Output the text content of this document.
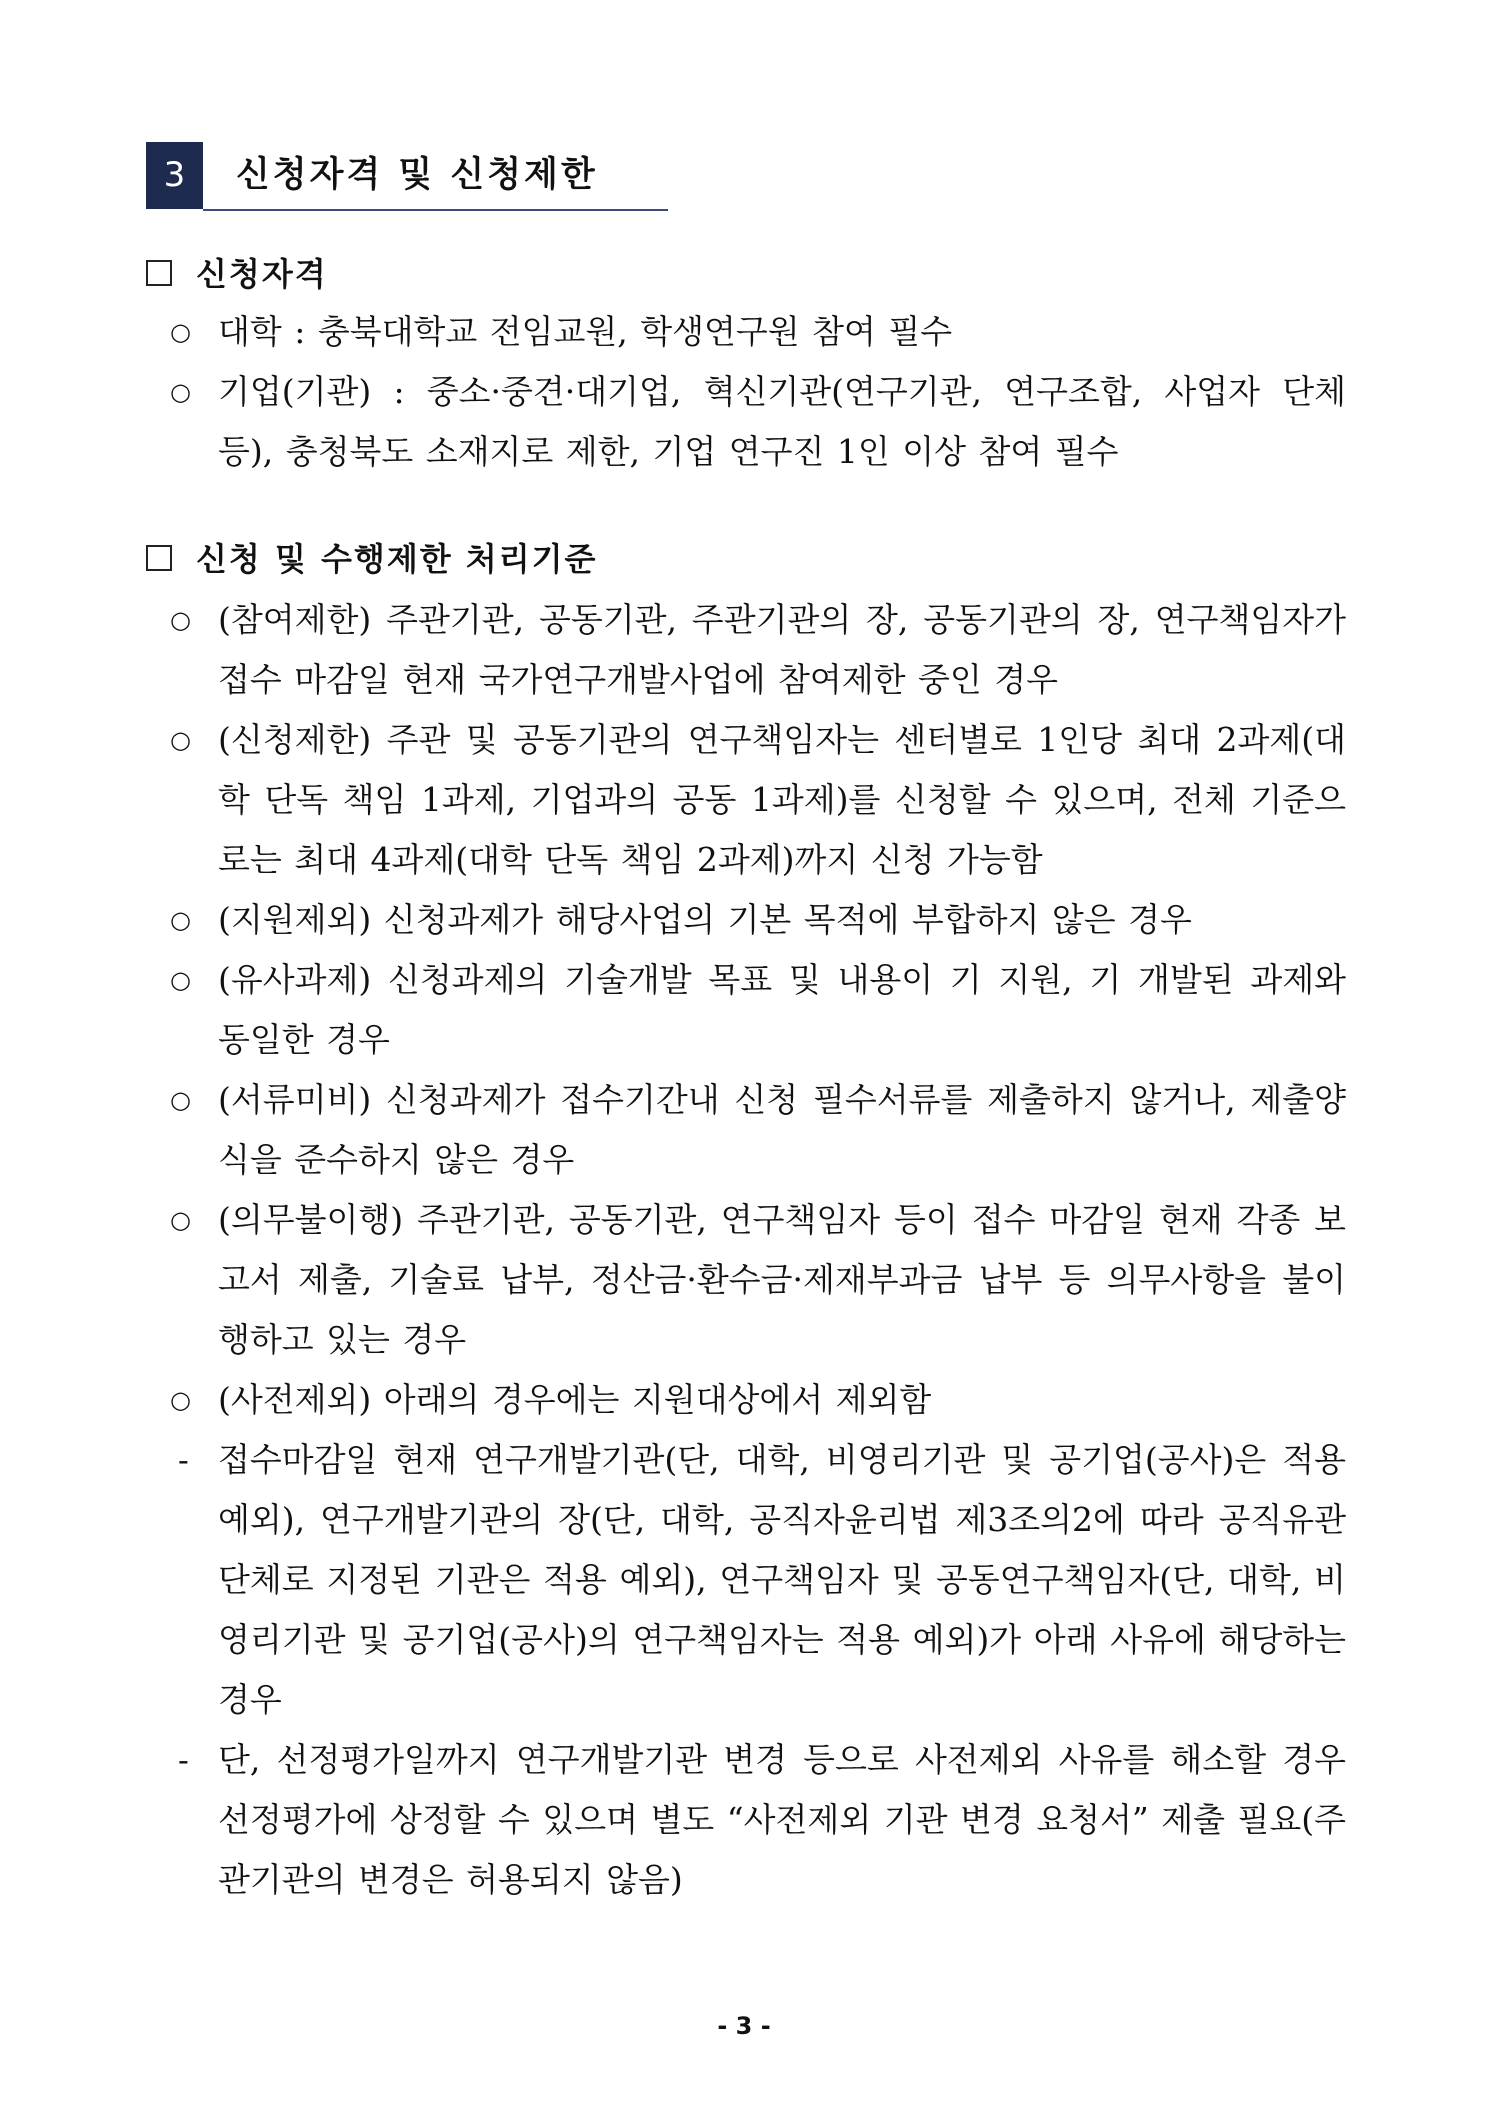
3	신청자격 및 신청제한
신청자격
○ 대학 : 충북대학교 전임교원, 학생연구원 참여 필수
○ 기업(기관) : 중소·중견·대기업, 혁신기관(연구기관, 연구조합, 사업자 단체 등), 충청북도 소재지로 제한, 기업 연구진 1인 이상 참여 필수
신청 및 수행제한 처리기준
○ (참여제한) 주관기관, 공동기관, 주관기관의 장, 공동기관의 장, 연구책임자가 접수 마감일 현재 국가연구개발사업에 참여제한 중인 경우
○ (신청제한) 주관 및 공동기관의 연구책임자는 센터별로 1인당 최대 2과제(대학 단독 책임 1과제, 기업과의 공동 1과제)를 신청할 수 있으며, 전체 기준으로는 최대 4과제(대학 단독 책임 2과제)까지 신청 가능함
○ (지원제외) 신청과제가 해당사업의 기본 목적에 부합하지 않은 경우
○ (유사과제) 신청과제의 기술개발 목표 및 내용이 기 지원, 기 개발된 과제와 동일한 경우
○ (서류미비) 신청과제가 접수기간내 신청 필수서류를 제출하지 않거나, 제출양식을 준수하지 않은 경우
○ (의무불이행) 주관기관, 공동기관, 연구책임자 등이 접수 마감일 현재 각종 보고서 제출, 기술료 납부, 정산금·환수금·제재부과금 납부 등 의무사항을 불이행하고 있는 경우
○ (사전제외) 아래의 경우에는 지원대상에서 제외함
- 접수마감일 현재 연구개발기관(단, 대학, 비영리기관 및 공기업(공사)은 적용 예외), 연구개발기관의 장(단, 대학, 공직자윤리법 제3조의2에 따라 공직유관단체로 지정된 기관은 적용 예외), 연구책임자 및 공동연구책임자(단, 대학, 비영리기관 및 공기업(공사)의 연구책임자는 적용 예외)가 아래 사유에 해당하는 경우
- 단, 선정평가일까지 연구개발기관 변경 등으로 사전제외 사유를 해소할 경우 선정평가에 상정할 수 있으며 별도 “사전제외 기관 변경 요청서” 제출 필요(주관기관의 변경은 허용되지 않음)
- 3 -
